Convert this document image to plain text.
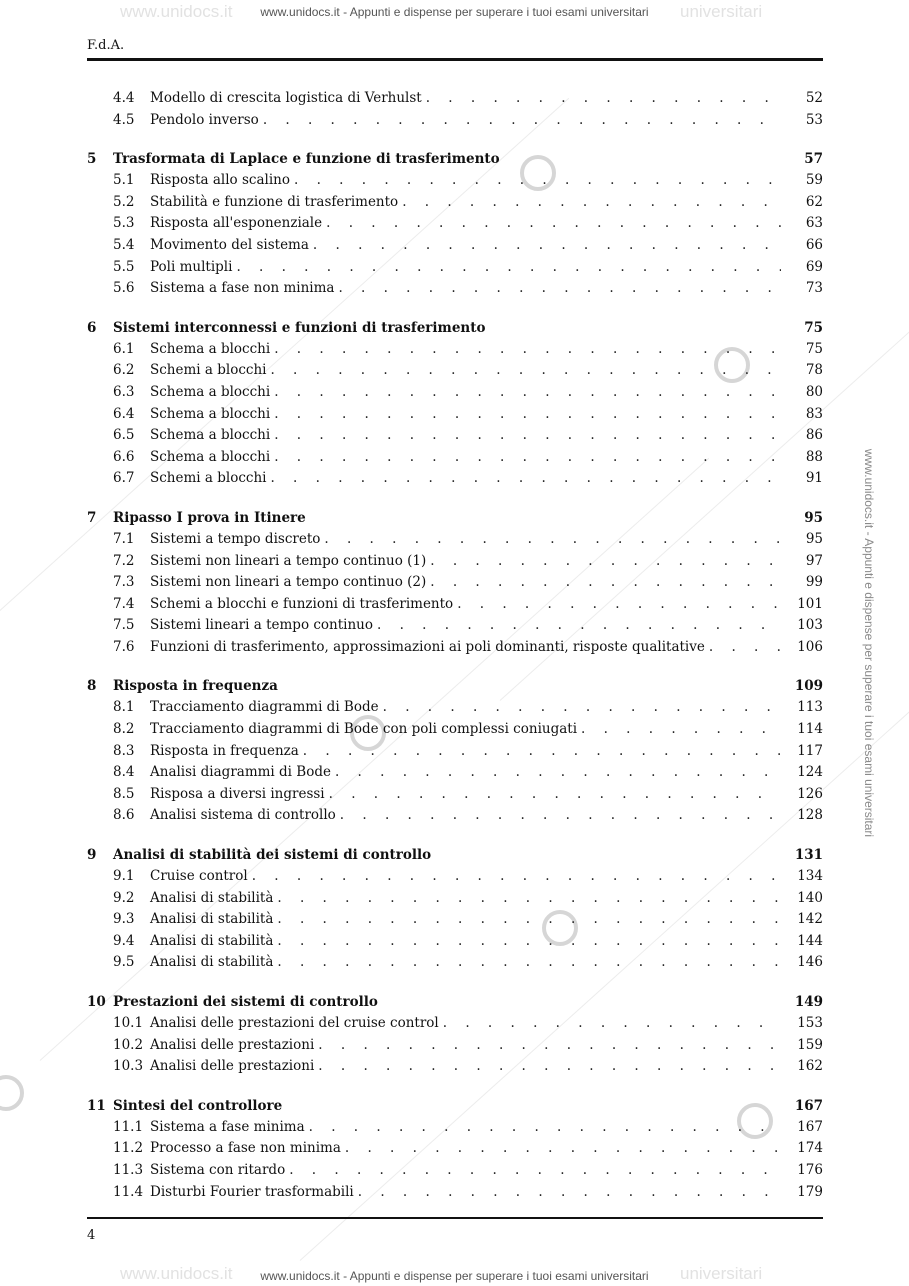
www.unidocs.it - Appunti e dispense per superare i tuoi esami universitari
www.unidocs.it	universitari
www.unidocs.it	universitari
www.unidocs.it - Appunti e dispense per superare i tuoi esami universitari
www.unidocs.it - Appunti e dispense per superare i tuoi esami universitari
F.d.A.
4.4	Modello di crescita logistica di Verhulst . . .	52
4.5	Pendolo inverso . . .	53
5	Trasformata di Laplace e funzione di trasferimento	57
5.1	Risposta allo scalino . . .	59
5.2	Stabilità e funzione di trasferimento . . .	62
5.3	Risposta all'esponenziale . . .	63
5.4	Movimento del sistema . . .	66
5.5	Poli multipli . . .	69
5.6	Sistema a fase non minima . . .	73
6	Sistemi interconnessi e funzioni di trasferimento	75
6.1	Schema a blocchi . . .	75
6.2	Schemi a blocchi . . .	78
6.3	Schema a blocchi . . .	80
6.4	Schema a blocchi . . .	83
6.5	Schema a blocchi . . .	86
6.6	Schema a blocchi . . .	88
6.7	Schemi a blocchi . . .	91
7	Ripasso I prova in Itinere	95
7.1	Sistemi a tempo discreto . . .	95
7.2	Sistemi non lineari a tempo continuo (1) . . .	97
7.3	Sistemi non lineari a tempo continuo (2) . . .	99
7.4	Schemi a blocchi e funzioni di trasferimento . . .	101
7.5	Sistemi lineari a tempo continuo . . .	103
7.6	Funzioni di trasferimento, approssimazioni ai poli dominanti, risposte qualitative . . .	106
8	Risposta in frequenza	109
8.1	Tracciamento diagrammi di Bode . . .	113
8.2	Tracciamento diagrammi di Bode con poli complessi coniugati . . .	114
8.3	Risposta in frequenza . . .	117
8.4	Analisi diagrammi di Bode . . .	124
8.5	Risposa a diversi ingressi . . .	126
8.6	Analisi sistema di controllo . . .	128
9	Analisi di stabilità dei sistemi di controllo	131
9.1	Cruise control . . .	134
9.2	Analisi di stabilità . . .	140
9.3	Analisi di stabilità . . .	142
9.4	Analisi di stabilità . . .	144
9.5	Analisi di stabilità . . .	146
10 Prestazioni dei sistemi di controllo	149
10.1 Analisi delle prestazioni del cruise control . . .	153
10.2 Analisi delle prestazioni . . .	159
10.3 Analisi delle prestazioni . . .	162
11 Sintesi del controllore	167
11.1 Sistema a fase minima . . .	167
11.2 Processo a fase non minima . . .	174
11.3 Sistema con ritardo . . .	176
11.4 Disturbi Fourier trasformabili . . .	179
4
